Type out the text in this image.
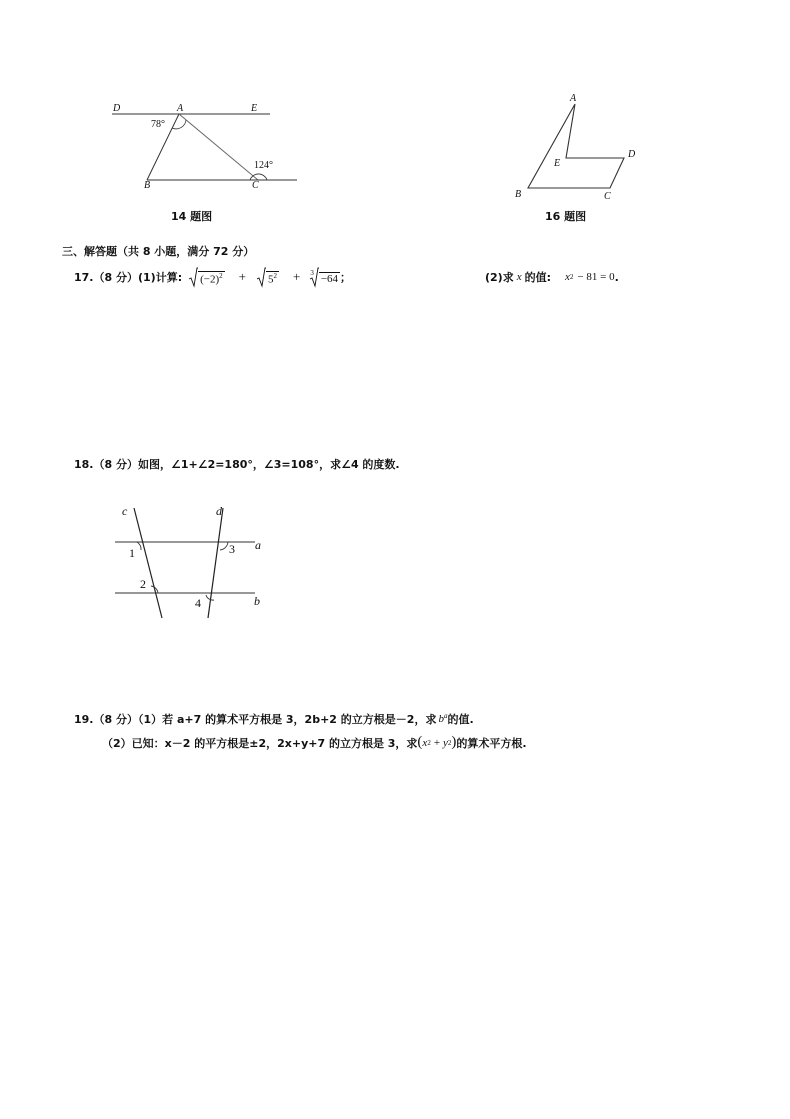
D	A	E
78°
124°
B	C
14 题图
A
E
D
B	C
16 题图
三、解答题（共 8 小题，满分 72 分）
17.（8 分） (1)计算: $(-2)^2 + 5^2 + 3 -64$ ；	(2)求 x 的值: x 2 − 81 = 0 .
18.（8 分）如图，∠1+∠2=180°，∠3=108°，求∠4 的度数.
c	d
a
b
1
2
3
4
19.（8 分）（1）若 a+7 的算术平方根是 3，2b+2 的立方根是－2，求 $b^a$ 的值.
（2）已知：x－2 的平方根是±2，2x+y+7 的立方根是 3，求 ( x 2 + y 2 ) 的算术平方根.
